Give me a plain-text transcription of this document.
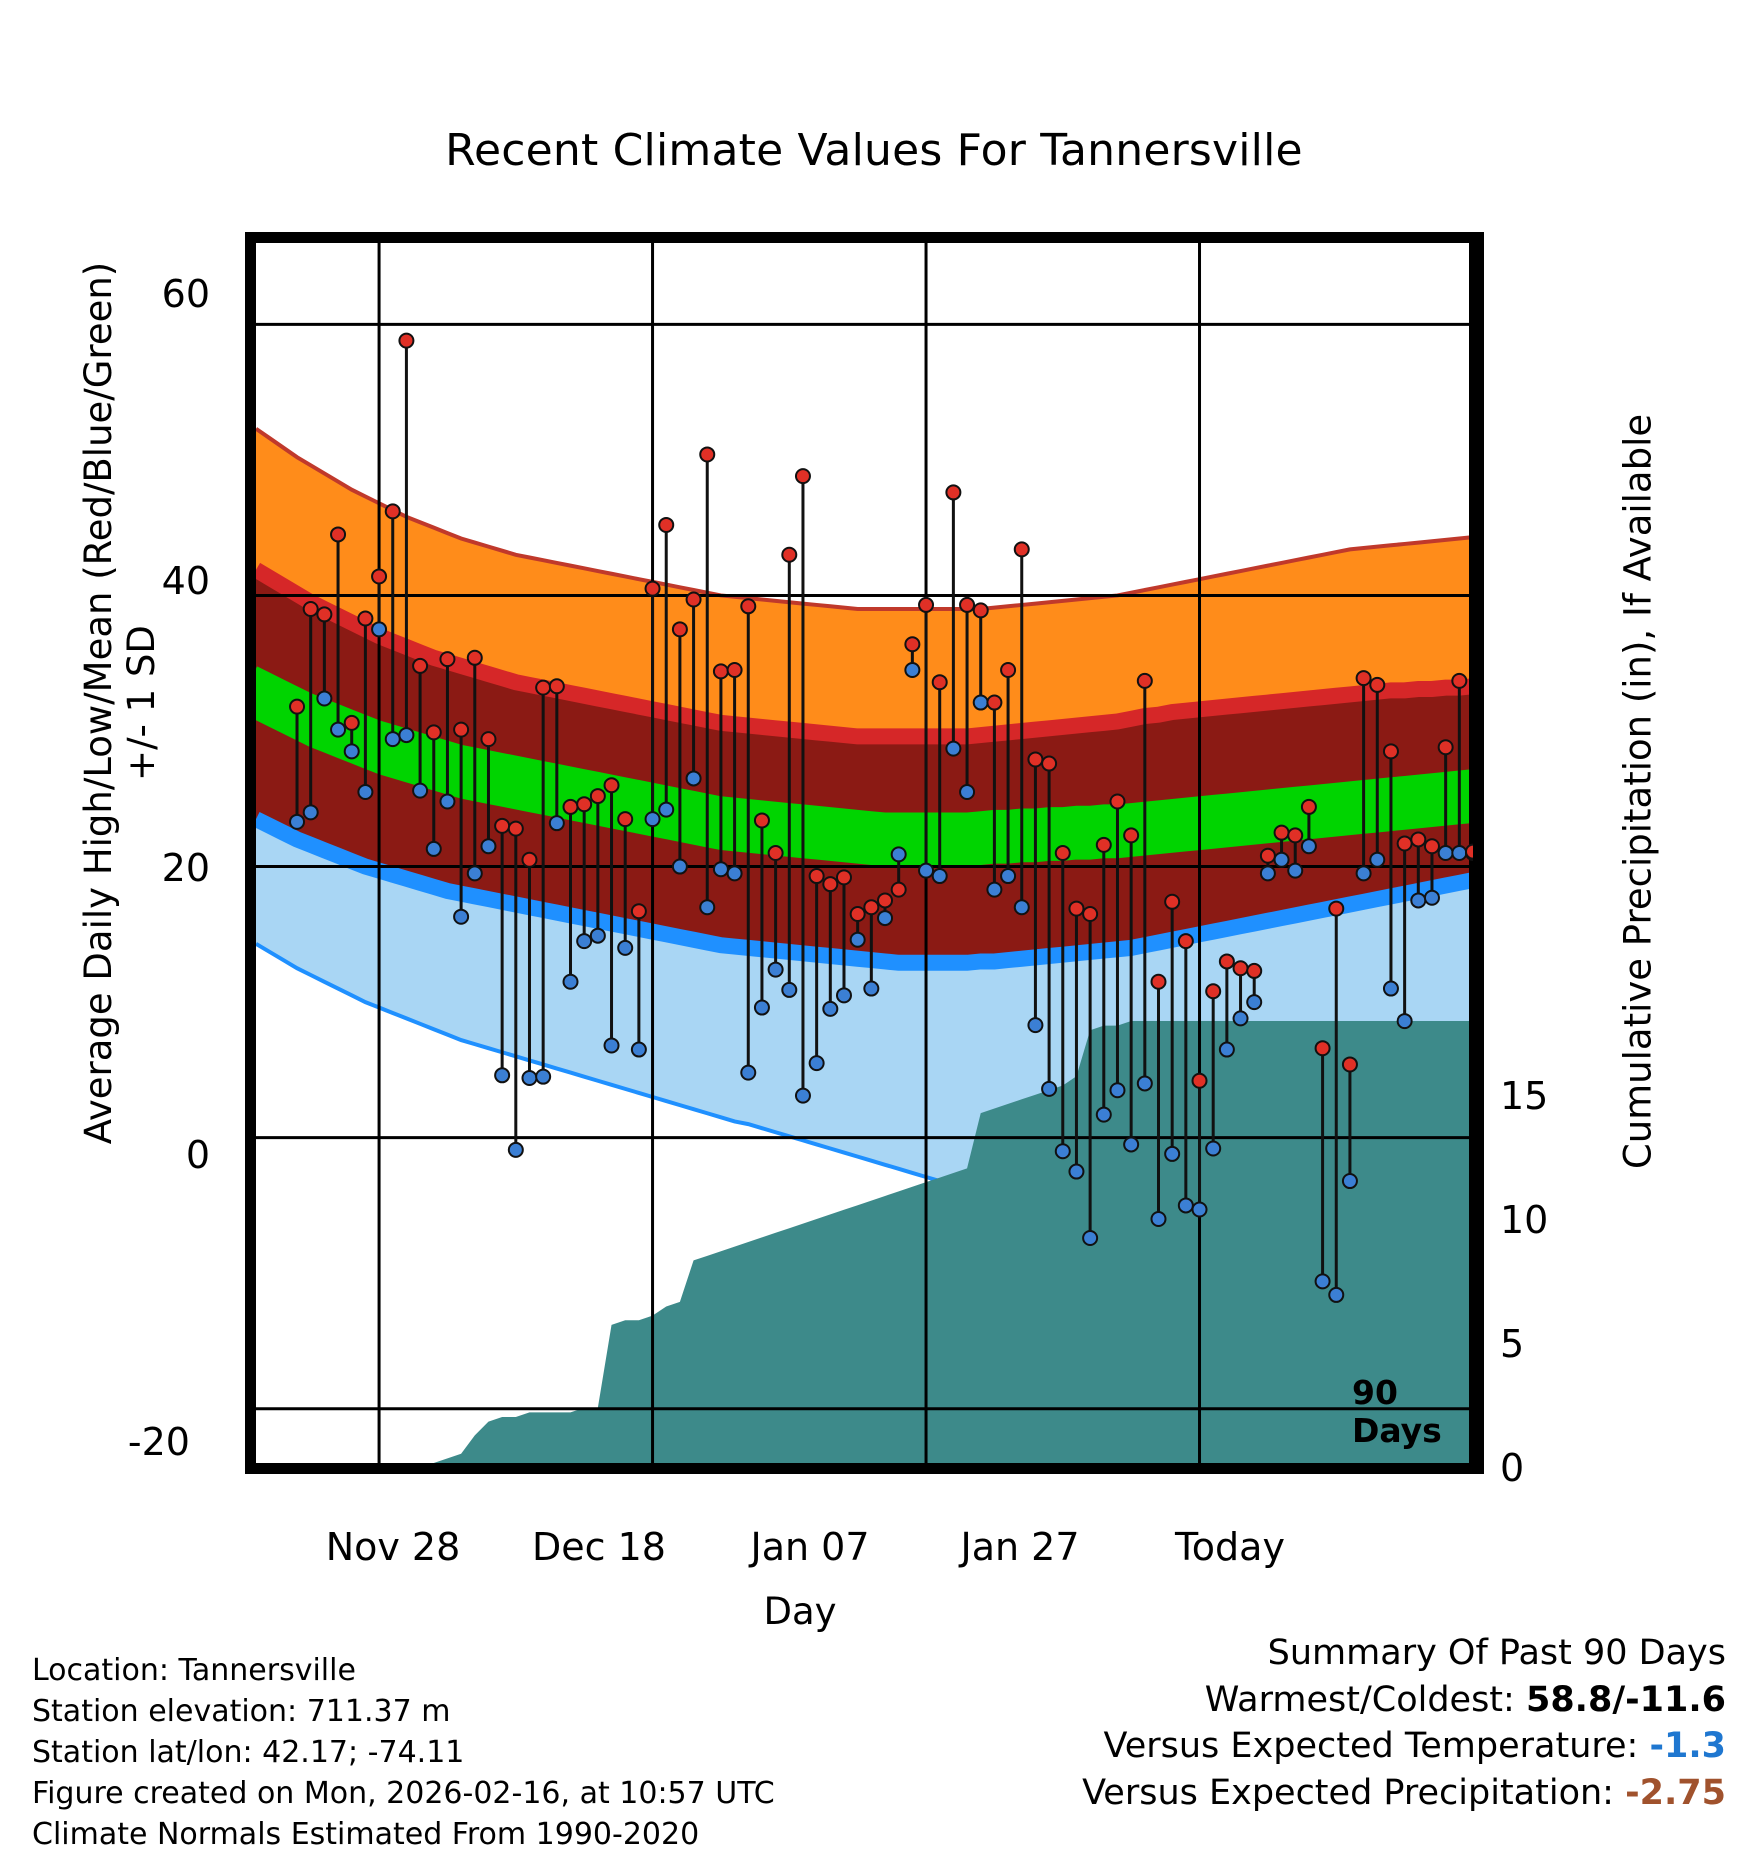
Recent Climate Values For Tannersville
Average Daily High/Low/Mean (Red/Blue/Green) +/- 1 SD	Cumulative Precipitation (in), If Available
Day
60
40
20
0
-20
15
10
5
0
Nov 28	Dec 18	Jan 07	Jan 27	Today
90
Days
Location: Tannersville
Station elevation: 711.37 m
Station lat/lon: 42.17; -74.11
Figure created on Mon, 2026-02-16, at 10:57 UTC
Climate Normals Estimated From 1990-2020
Summary Of Past 90 Days
Warmest/Coldest: 58.8/-11.6
Versus Expected Temperature: -1.3
Versus Expected Precipitation: -2.75
